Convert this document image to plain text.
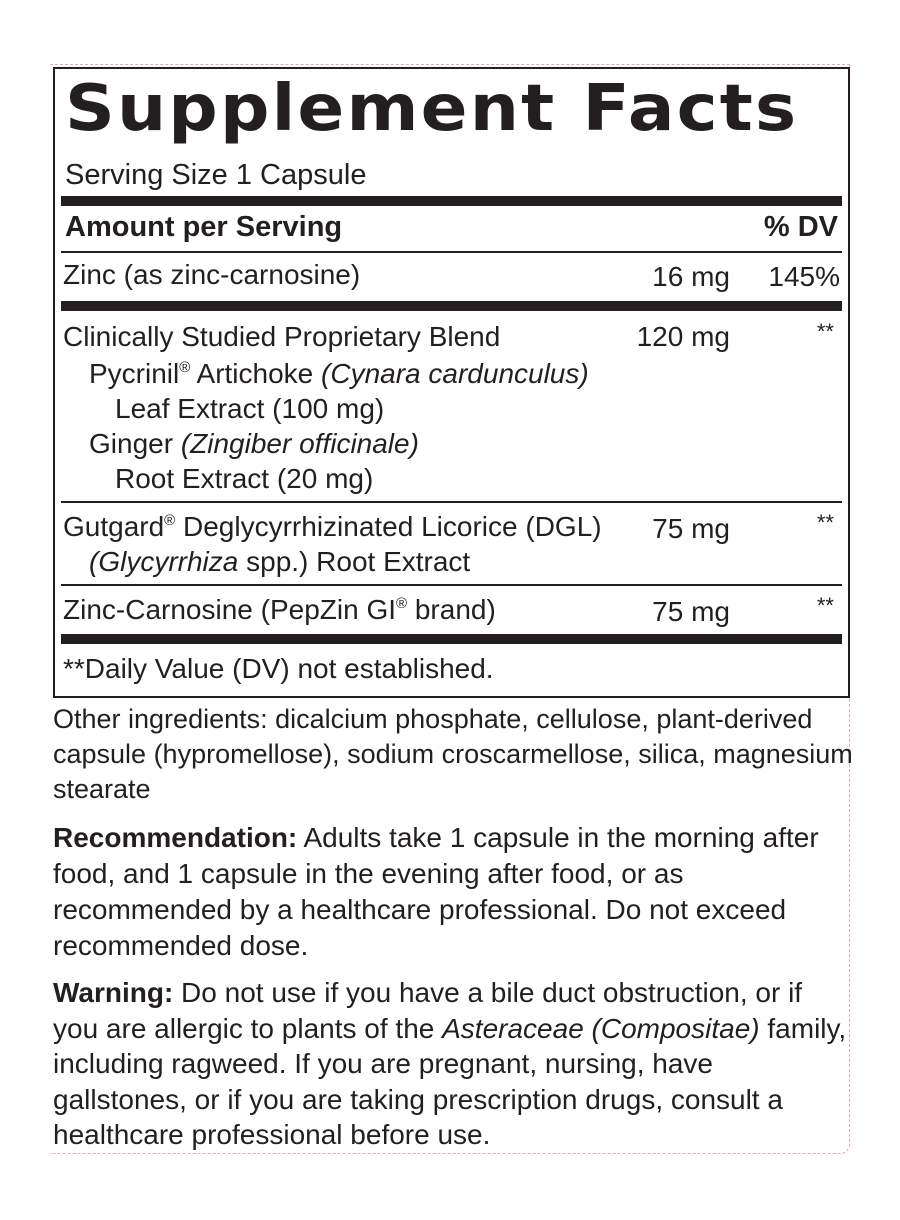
Supplement Facts
Serving Size 1 Capsule
Amount per Serving	% DV
Zinc (as zinc-carnosine)	16 mg 145%
Clinically Studied Proprietary Blend	120 mg	**
Pycrinil® Artichoke (Cynara cardunculus)
Leaf Extract (100 mg)
Ginger (Zingiber officinale)
Root Extract (20 mg)
Gutgard® Deglycyrrhizinated Licorice (DGL) 75 mg	**
(Glycyrrhiza spp.) Root Extract
Zinc-Carnosine (PepZin GI® brand)	75 mg	**
**Daily Value (DV) not established.
Other ingredients: dicalcium phosphate, cellulose, plant-derived capsule (hypromellose), sodium croscarmellose, silica, magnesium stearate
Recommendation: Adults take 1 capsule in the morning after food, and 1 capsule in the evening after food, or as recommended by a healthcare professional. Do not exceed recommended dose.
Warning: Do not use if you have a bile duct obstruction, or if you are allergic to plants of the Asteraceae (Compositae) family, including ragweed. If you are pregnant, nursing, have gallstones, or if you are taking prescription drugs, consult a healthcare professional before use.
